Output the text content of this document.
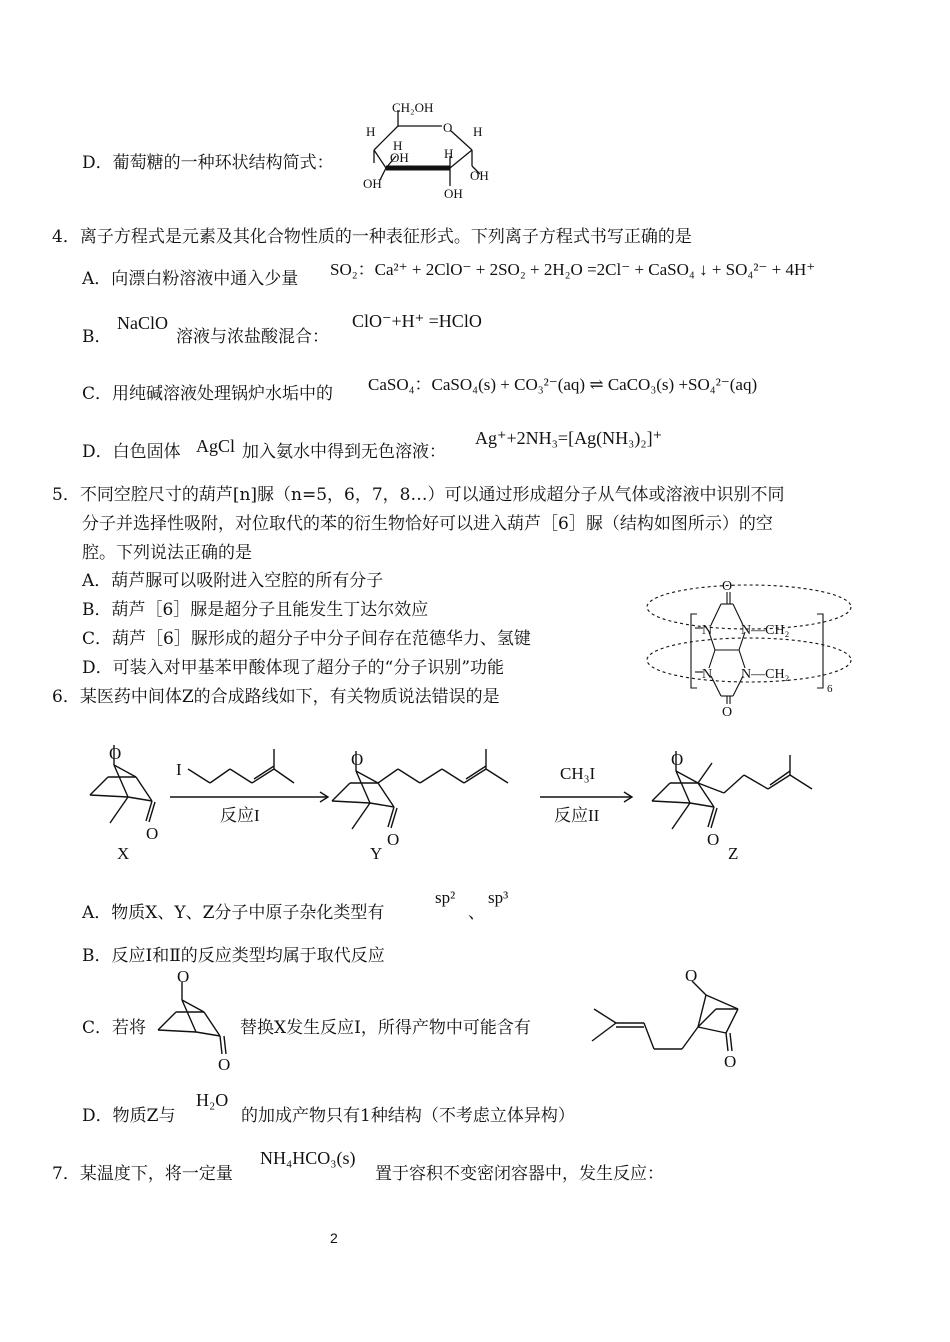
D．葡萄糖的一种环状结构简式：
CH₂OH
O H
H
H
OH	H
OH
OH
OH
4．离子方程式是元素及其化合物性质的一种表征形式。下列离子方程式书写正确的是
A．向漂白粉溶液中通入少量 SO₂：Ca²⁺ + 2ClO⁻ + 2SO₂ + 2H₂O =2Cl⁻ + CaSO₄ ↓ + SO₄²⁻ + 4H⁺
B．
NaClO
溶液与浓盐酸混合：
ClO⁻+H⁺ =HClO
C．用纯碱溶液处理锅炉水垢中的 CaSO₄：CaSO₄(s) + CO₃²⁻(aq) ⇌ CaCO₃(s) +SO₄²⁻(aq)
D．白色固体 AgCl 加入氨水中得到无色溶液：
Ag⁺+2NH₃=[Ag(NH₃)₂]⁺
5．不同空腔尺寸的葫芦[n]脲（n=5，6，7，8…）可以通过形成超分子从气体或溶液中识别不同
分子并选择性吸附，对位取代的苯的衍生物恰好可以进入葫芦［6］脲（结构如图所示）的空
腔。下列说法正确的是
A．葫芦脲可以吸附进入空腔的所有分子
B．葫芦［6］脲是超分子且能发生丁达尔效应
C．葫芦［6］脲形成的超分子中分子间存在范德华力、氢键
D．可装入对甲基苯甲酸体现了超分子的“分子识别”功能
O
N N—CH₂
N N—CH₂
O
6
6．某医药中间体Z的合成路线如下，有关物质说法错误的是
O
O
X
I
反应I
O
O
Y
CH₃I
反应II
O
O
Z
A．物质X、Y、Z分子中原子杂化类型有
sp²
、
sp³
B．反应Ⅰ和Ⅱ的反应类型均属于取代反应
C．若将
O
O
替换X发生反应Ⅰ，所得产物中可能含有
O
O
D．物质Z与
H₂O
的加成产物只有1种结构（不考虑立体异构）
7．某温度下，将一定量
NH₄HCO₃(s)
置于容积不变密闭容器中，发生反应：
2
